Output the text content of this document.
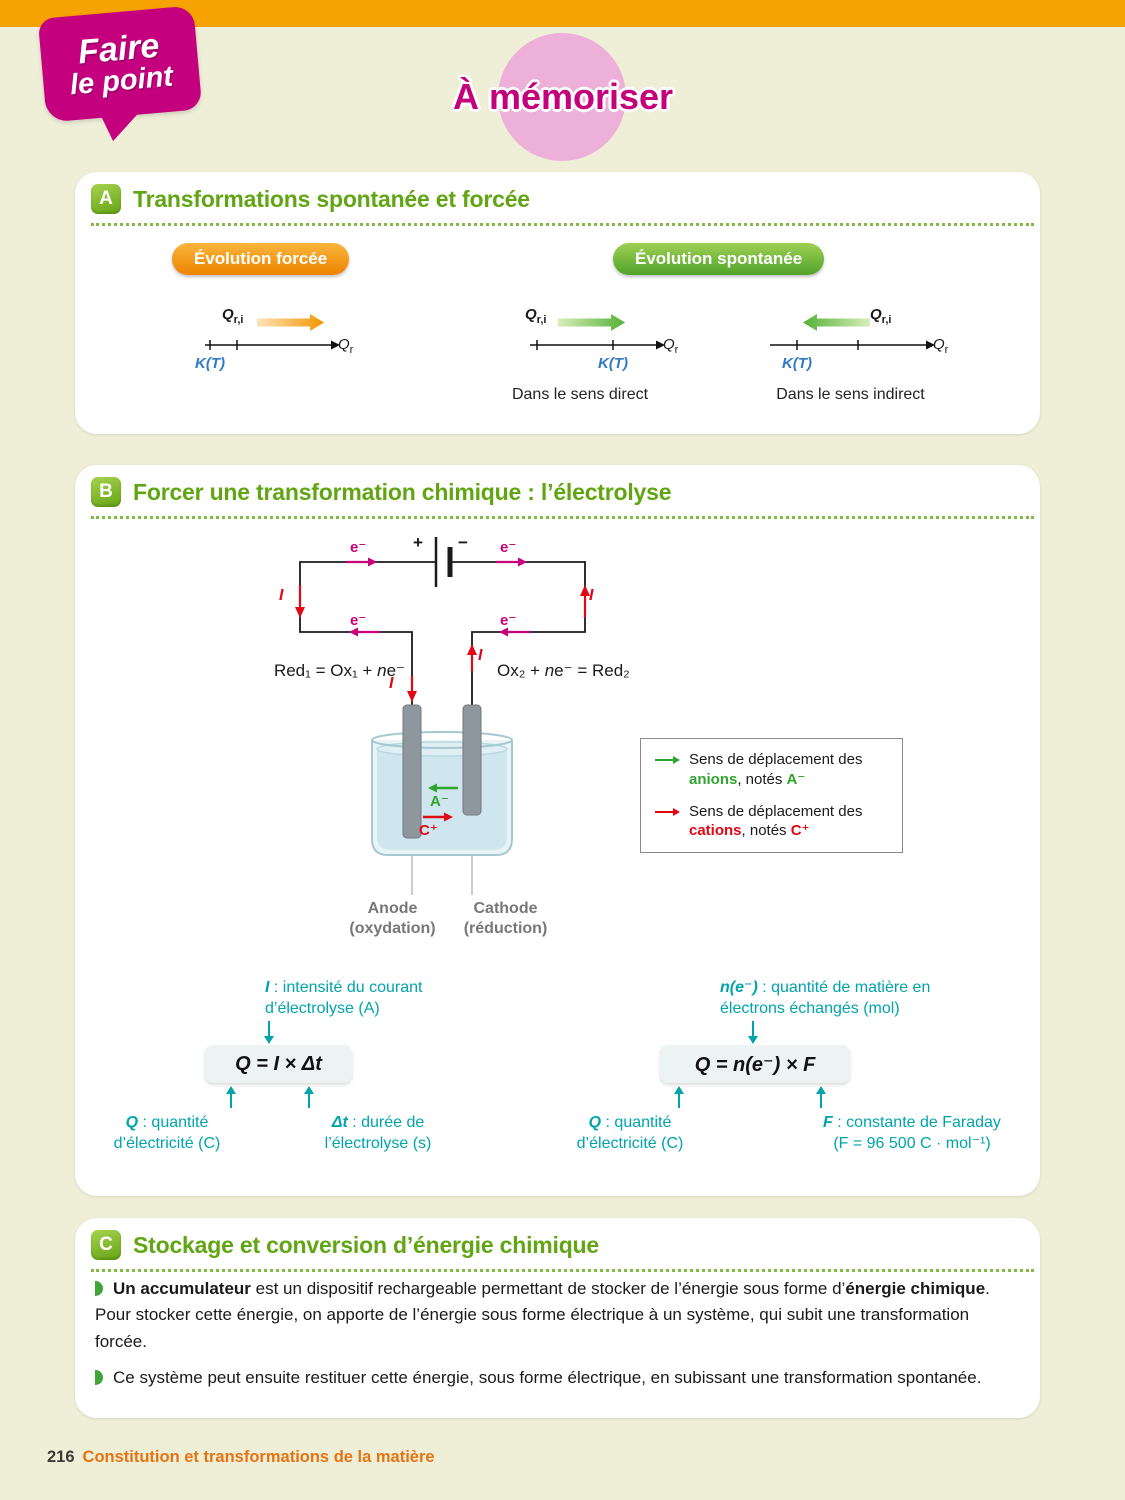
Faire
le point	À mémoriser
A Transformations spontanée et forcée
Évolution forcée	Évolution spontanée
$Q_{r,i}$
$Q_r$
K(T)
$Q_{r,i}$
$Q_r$
K(T)
Dans le sens direct
$Q_{r,i}$
$Q_r$
K(T)
Dans le sens indirect
B Forcer une transformation chimique : l’électrolyse
+ −
e⁻	e⁻
e⁻	e⁻
I	I
I
I
Red₁ = Ox₁ + ne⁻	Ox₂ + ne⁻ = Red₂
A⁻
C⁺
Anode
(oxydation)
Cathode
(réduction)
Sens de déplacement des anions, notés A⁻
Sens de déplacement des cations, notés C⁺
I : intensité du courant d’électrolyse (A)
Q = I × Δt
Q : quantité d’électricité (C)
Δt : durée de l’électrolyse (s)
n(e⁻) : quantité de matière en électrons échangés (mol)
Q = n(e⁻) × F
Q : quantité d’électricité (C)
F : constante de Faraday
(F = 96 500 C · mol⁻¹)
C Stockage et conversion d’énergie chimique

Un accumulateur est un dispositif rechargeable permettant de stocker de l’énergie sous forme d’énergie chimique. Pour stocker cette énergie, on apporte de l’énergie sous forme électrique à un système, qui subit une transformation forcée.

Ce système peut ensuite restituer cette énergie, sous forme électrique, en subissant une transformation spontanée.

216 Constitution et transformations de la matière
